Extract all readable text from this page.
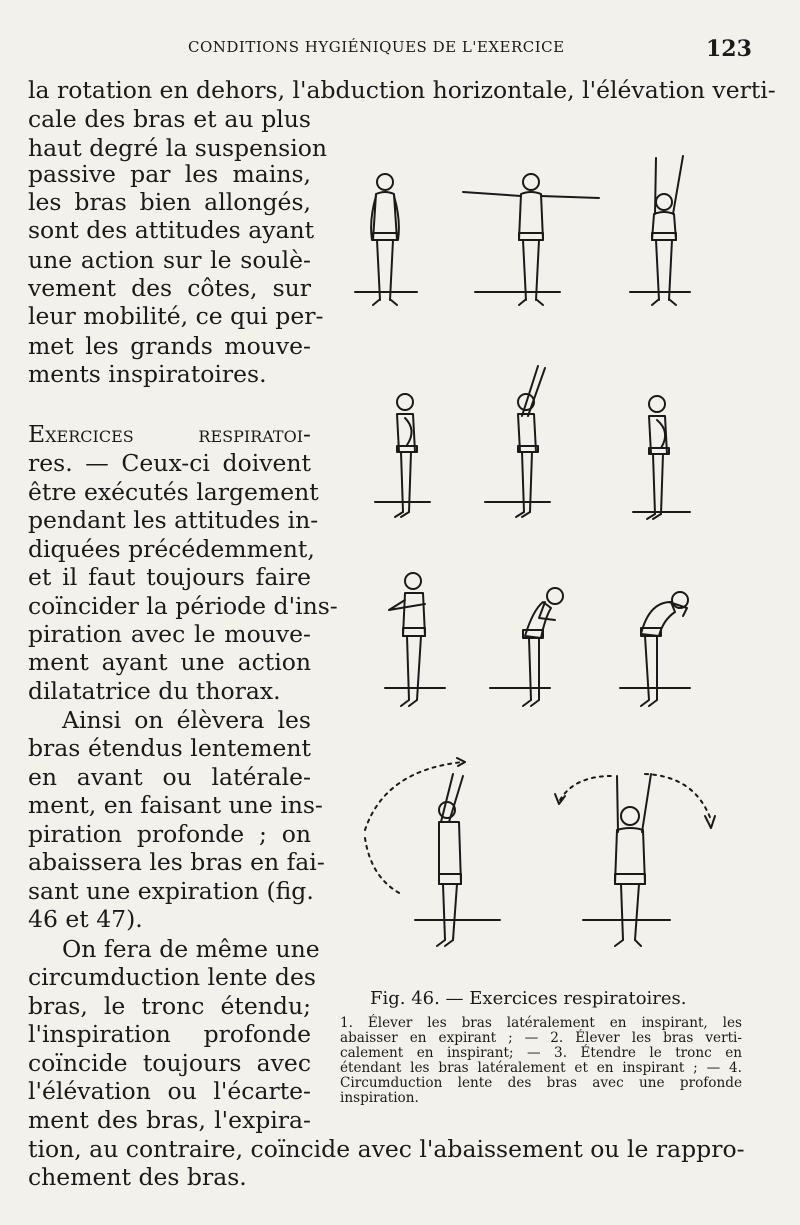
CONDITIONS HYGIÉNIQUES DE L'EXERCICE	123
la rotation en dehors, l'abduction horizontale, l'élévation verti-
cale des bras et au plus
haut degré la suspension
passive par les mains,
les bras bien allongés,
sont des attitudes ayant
une action sur le soulè-
vement des côtes, sur
leur mobilité, ce qui per-
met les grands mouve-
ments inspiratoires.
Exercices respiratoi-
res. — Ceux-ci doivent
être exécutés largement
pendant les attitudes in-
diquées précédemment,
et il faut toujours faire
coïncider la période d'ins-
piration avec le mouve-
ment ayant une action
dilatatrice du thorax.
Ainsi on élèvera les
bras étendus lentement
en avant ou latérale-
ment, en faisant une ins-
piration profonde ; on
abaissera les bras en fai-
sant une expiration (fig.
46 et 47).
On fera de même une
circumduction lente des
bras, le tronc étendu;
l'inspiration profonde
coïncide toujours avec
l'élévation ou l'écarte-
ment des bras, l'expira-
tion, au contraire, coïncide avec l'abaissement ou le rappro-
chement des bras.
Fig. 46. — Exercices respiratoires.
1. Élever les bras latéralement en inspirant, les
abaisser en expirant ; — 2. Élever les bras verti-
calement en inspirant; — 3. Étendre le tronc en
étendant les bras latéralement et en inspirant ; — 4.
Circumduction lente des bras avec une profonde
inspiration.
